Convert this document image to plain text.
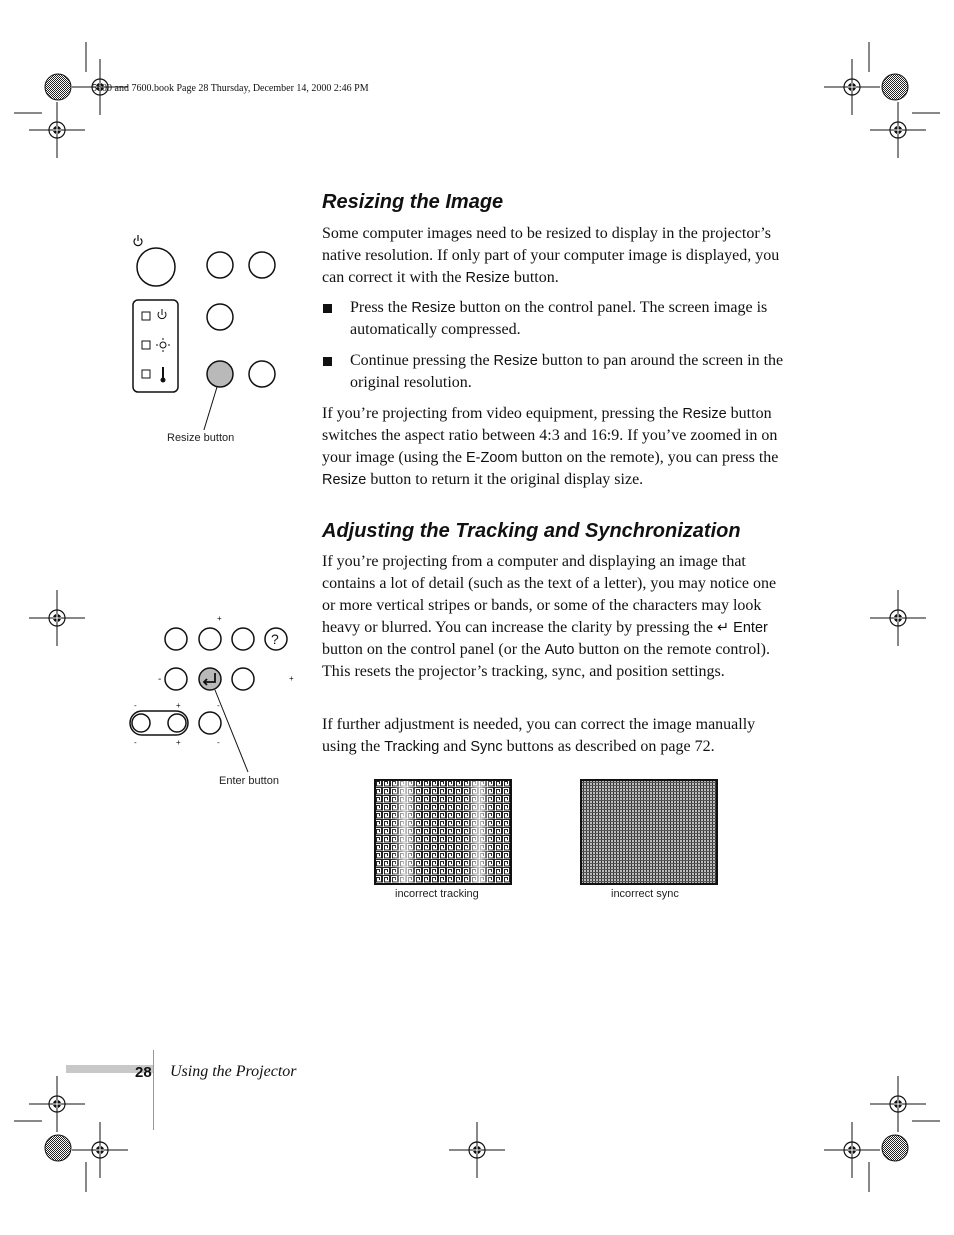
5600 and 7600.book Page 28 Thursday, December 14, 2000 2:46 PM
Resize button
+
?
-	+
-	+	-
-	+	-
Enter button
Resizing the Image
Some computer images need to be resized to display in the projector’s native resolution. If only part of your computer image is displayed, you can correct it with the Resize button.
Press the Resize button on the control panel. The screen image is automatically compressed.
Continue pressing the Resize button to pan around the screen in the original resolution.
If you’re projecting from video equipment, pressing the Resize button switches the aspect ratio between 4:3 and 16:9. If you’ve zoomed in on your image (using the E-Zoom button on the remote), you can press the Resize button to return it the original display size.
Adjusting the Tracking and Synchronization
If you’re projecting from a computer and displaying an image that contains a lot of detail (such as the text of a letter), you may notice one or more vertical stripes or bands, or some of the characters may look heavy or blurred. You can increase the clarity by pressing the ↵ Enter button on the control panel (or the Auto button on the remote control). This resets the projector’s tracking, sync, and position settings.
If further adjustment is needed, you can correct the image manually using the Tracking and Sync buttons as described on page 72.
incorrect tracking	incorrect sync
28 Using the Projector
